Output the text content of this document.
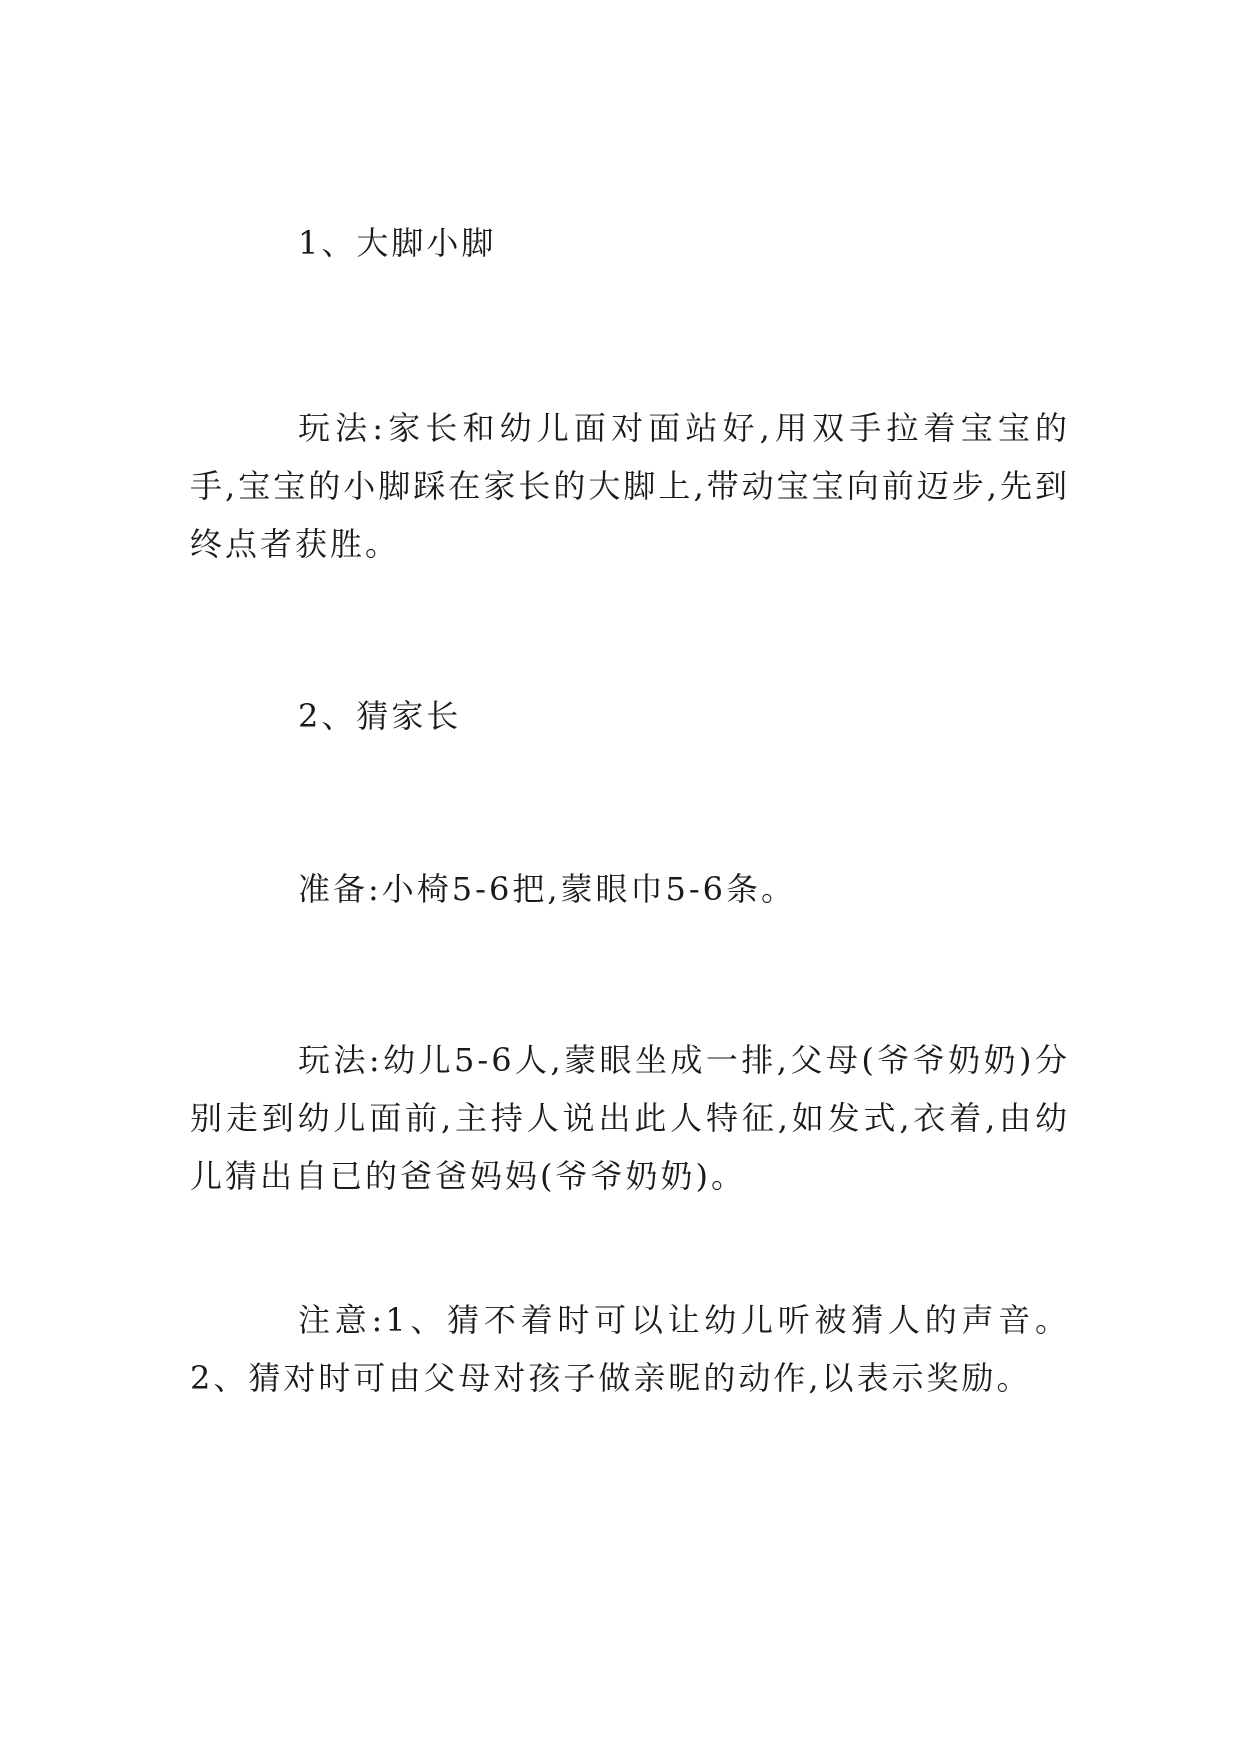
1、大脚小脚
玩法:家长和幼儿面对面站好,用双手拉着宝宝的手,宝宝的小脚踩在家长的大脚上,带动宝宝向前迈步,先到终点者获胜。
2、猜家长
准备:小椅5-6把,蒙眼巾5-6条。
玩法:幼儿5-6人,蒙眼坐成一排,父母(爷爷奶奶)分别走到幼儿面前,主持人说出此人特征,如发式,衣着,由幼儿猜出自已的爸爸妈妈(爷爷奶奶)。
注意:1、猜不着时可以让幼儿听被猜人的声音。2、猜对时可由父母对孩子做亲昵的动作,以表示奖励。
